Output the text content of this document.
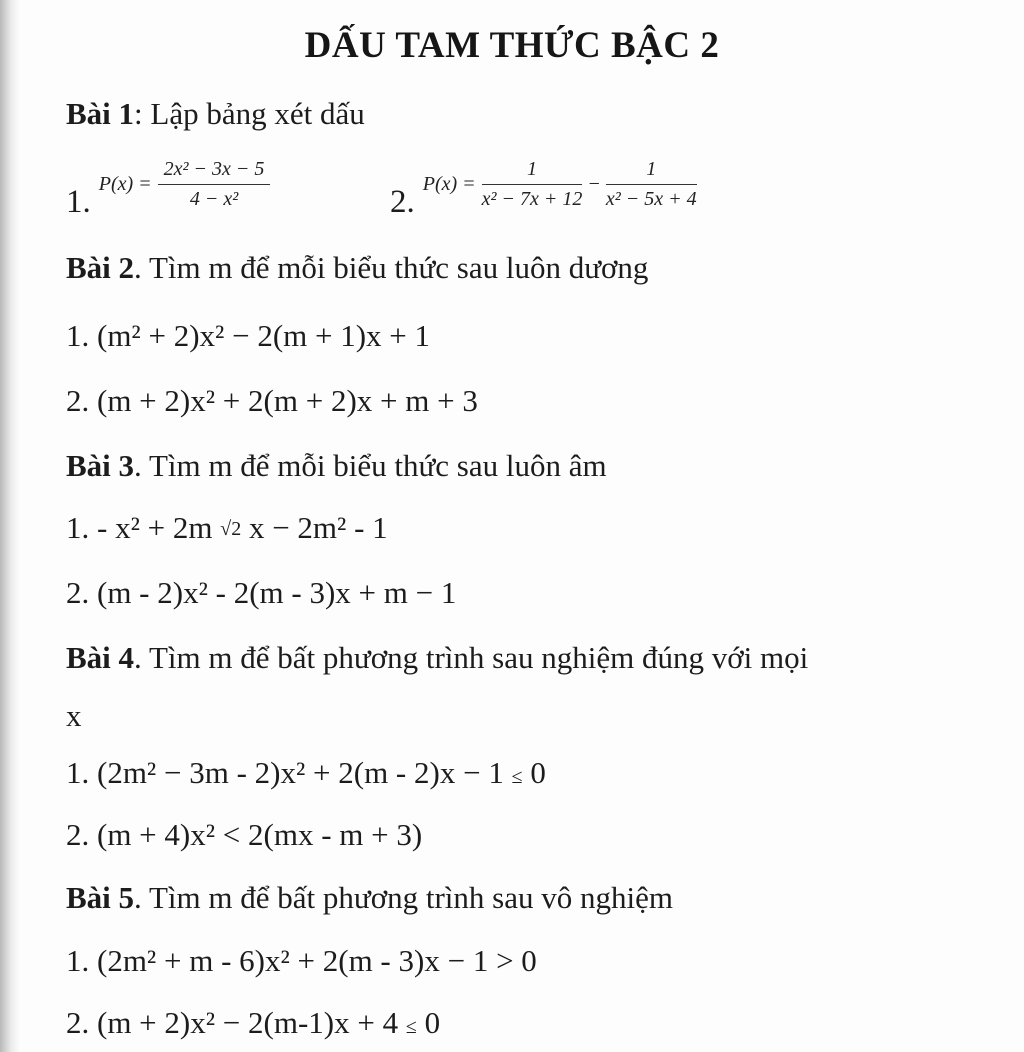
DẤU TAM THỨC BẬC 2
Bài 1: Lập bảng xét dấu
1. $P(x) = \frac{\text{2x² − 3x − 5}}{\text{4 − x²}}$	2. $P(x) = \frac{1}{\text{x² − 7x + 12}} - \frac{1}{\text{x² − 5x + 4}}$
Bài 2. Tìm m để mỗi biểu thức sau luôn dương
1. (m² + 2)x² − 2(m + 1)x + 1
2. (m + 2)x² + 2(m + 2)x + m + 3
Bài 3. Tìm m để mỗi biểu thức sau luôn âm
1. - x² + 2m √2 x − 2m² - 1
2. (m - 2)x² - 2(m - 3)x + m − 1
Bài 4. Tìm m để bất phương trình sau nghiệm đúng với mọi
x
1. (2m² − 3m - 2)x² + 2(m - 2)x − 1 ≤ 0
2. (m + 4)x² < 2(mx - m + 3)
Bài 5. Tìm m để bất phương trình sau vô nghiệm
1. (2m² + m - 6)x² + 2(m - 3)x − 1 > 0
2. (m + 2)x² − 2(m-1)x + 4 ≤ 0
